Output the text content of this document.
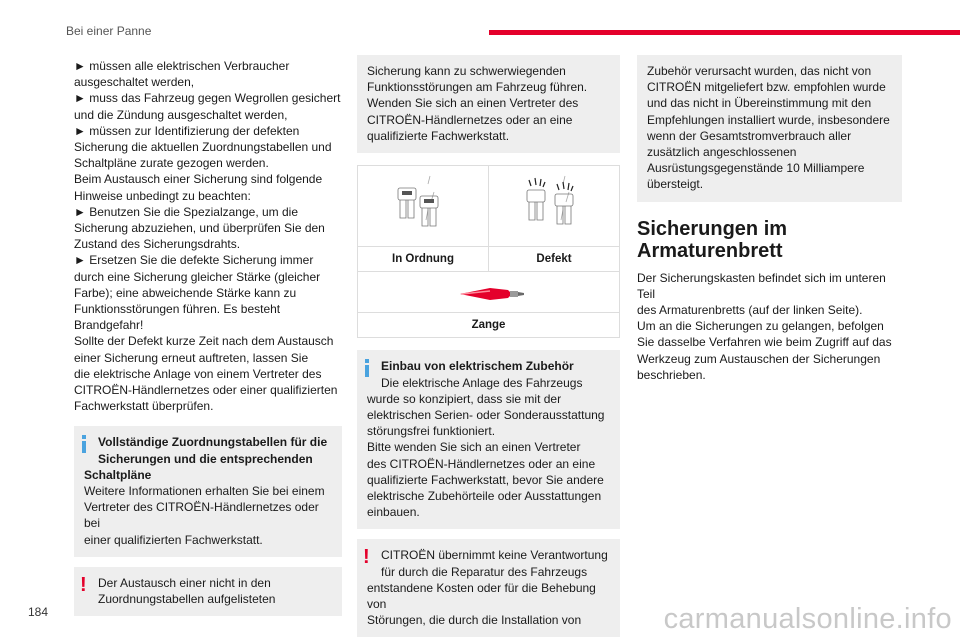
Bei einer Panne

► müssen alle elektrischen Verbraucher

ausgeschaltet werden,

► muss das Fahrzeug gegen Wegrollen gesichert

und die Zündung ausgeschaltet werden,

► müssen zur Identifizierung der defekten

Sicherung die aktuellen Zuordnungstabellen und

Schaltpläne zurate gezogen werden.

Beim Austausch einer Sicherung sind folgende

Hinweise unbedingt zu beachten:

► Benutzen Sie die Spezialzange, um die

Sicherung abzuziehen, und überprüfen Sie den

Zustand des Sicherungsdrahts.

► Ersetzen Sie die defekte Sicherung immer

durch eine Sicherung gleicher Stärke (gleicher

Farbe); eine abweichende Stärke kann zu

Funktionsstörungen führen. Es besteht

Brandgefahr!

Sollte der Defekt kurze Zeit nach dem Austausch

einer Sicherung erneut auftreten, lassen Sie

die elektrische Anlage von einem Vertreter des

CITROËN-Händlernetzes oder einer qualifizierten

Fachwerkstatt überprüfen.

Vollständige Zuordnungstabellen für die

Sicherungen und die entsprechenden

Schaltpläne

Weitere Informationen erhalten Sie bei einem

Vertreter des CITROËN-Händlernetzes oder bei

einer qualifizierten Fachwerkstatt.

! Der Austausch einer nicht in den

Zuordnungstabellen aufgelisteten

Sicherung kann zu schwerwiegenden

Funktionsstörungen am Fahrzeug führen.

Wenden Sie sich an einen Vertreter des

CITROËN-Händlernetzes oder an eine

qualifizierte Fachwerkstatt.

In Ordnung	Defekt
Zange

Einbau von elektrischem Zubehör

Die elektrische Anlage des Fahrzeugs

wurde so konzipiert, dass sie mit der

elektrischen Serien- oder Sonderausstattung

störungsfrei funktioniert.

Bitte wenden Sie sich an einen Vertreter

des CITROËN-Händlernetzes oder an eine

qualifizierte Fachwerkstatt, bevor Sie andere

elektrische Zubehörteile oder Ausstattungen

einbauen.

! CITROËN übernimmt keine Verantwortung

für durch die Reparatur des Fahrzeugs

entstandene Kosten oder für die Behebung von

Störungen, die durch die Installation von

Zubehör verursacht wurden, das nicht von

CITROËN mitgeliefert bzw. empfohlen wurde

und das nicht in Übereinstimmung mit den

Empfehlungen installiert wurde, insbesondere

wenn der Gesamtstromverbrauch aller

zusätzlich angeschlossenen

Ausrüstungsgegenstände 10 Milliampere

übersteigt.

Sicherungen im
Armaturenbrett

Der Sicherungskasten befindet sich im unteren Teil

des Armaturenbretts (auf der linken Seite).

Um an die Sicherungen zu gelangen, befolgen

Sie dasselbe Verfahren wie beim Zugriff auf das

Werkzeug zum Austauschen der Sicherungen

beschrieben.

184	carmanualsonline.info
